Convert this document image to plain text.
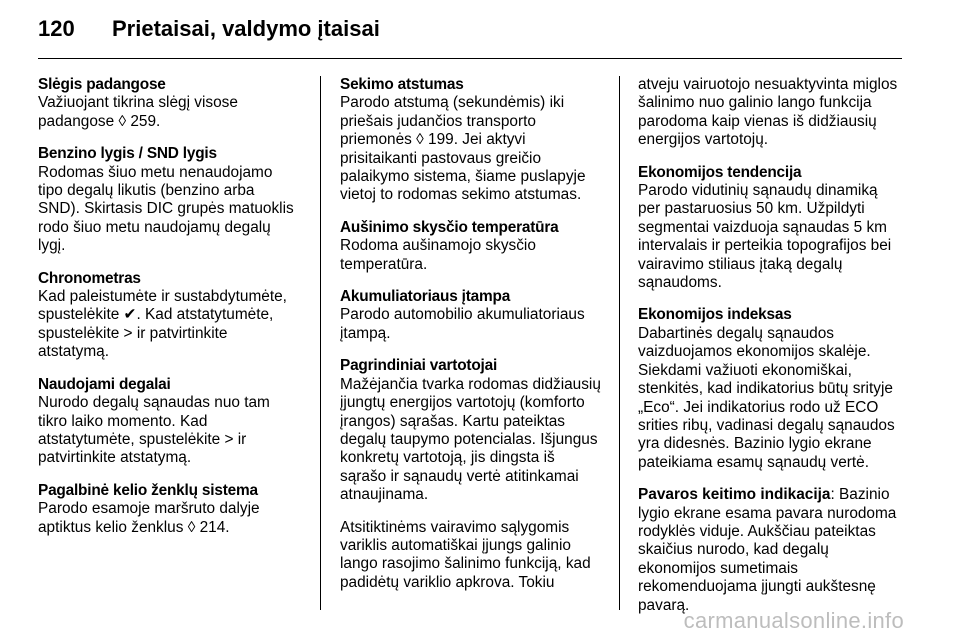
120	Prietaisai, valdymo įtaisai
Slėgis padangose

Važiuojant tikrina slėgį visose padangose ◊ 259.

Benzino lygis / SND lygis

Rodomas šiuo metu nenaudojamo tipo degalų likutis (benzino arba SND). Skirtasis DIC grupės matuoklis rodo šiuo metu naudojamų degalų lygį.

Chronometras

Kad paleistumėte ir sustabdytumėte, spustelėkite ✔. Kad atstatytumėte, spustelėkite > ir patvirtinkite atstatymą.

Naudojami degalai

Nurodo degalų sąnaudas nuo tam tikro laiko momento. Kad atstatytumėte, spustelėkite > ir patvirtinkite atstatymą.

Pagalbinė kelio ženklų sistema

Parodo esamoje maršruto dalyje aptiktus kelio ženklus ◊ 214.

Sekimo atstumas

Parodo atstumą (sekundėmis) iki priešais judančios transporto priemonės ◊ 199. Jei aktyvi prisitaikanti pastovaus greičio palaikymo sistema, šiame puslapyje vietoj to rodomas sekimo atstumas.

Aušinimo skysčio temperatūra

Rodoma aušinamojo skysčio temperatūra.

Akumuliatoriaus įtampa

Parodo automobilio akumuliatoriaus įtampą.

Pagrindiniai vartotojai

Mažėjančia tvarka rodomas didžiausių įjungtų energijos vartotojų (komforto įrangos) sąrašas. Kartu pateiktas degalų taupymo potencialas. Išjungus konkretų vartotoją, jis dingsta iš sąrašo ir sąnaudų vertė atitinkamai atnaujinama.

Atsitiktinėms vairavimo sąlygomis variklis automatiškai įjungs galinio lango rasojimo šalinimo funkciją, kad padidėtų variklio apkrova. Tokiu

atveju vairuotojo nesuaktyvinta miglos šalinimo nuo galinio lango funkcija parodoma kaip vienas iš didžiausių energijos vartotojų.

Ekonomijos tendencija

Parodo vidutinių sąnaudų dinamiką per pastaruosius 50 km. Užpildyti segmentai vaizduoja sąnaudas 5 km intervalais ir perteikia topografijos bei vairavimo stiliaus įtaką degalų sąnaudoms.

Ekonomijos indeksas

Dabartinės degalų sąnaudos vaizduojamos ekonomijos skalėje. Siekdami važiuoti ekonomiškai, stenkitės, kad indikatorius būtų srityje „Eco“. Jei indikatorius rodo už ECO srities ribų, vadinasi degalų sąnaudos yra didesnės. Bazinio lygio ekrane pateikiama esamų sąnaudų vertė.

Pavaros keitimo indikacija: Bazinio lygio ekrane esama pavara nurodoma rodyklės viduje. Aukščiau pateiktas skaičius nurodo, kad degalų ekonomijos sumetimais rekomenduojama įjungti aukštesnę pavarą.

carmanualsonline.info
